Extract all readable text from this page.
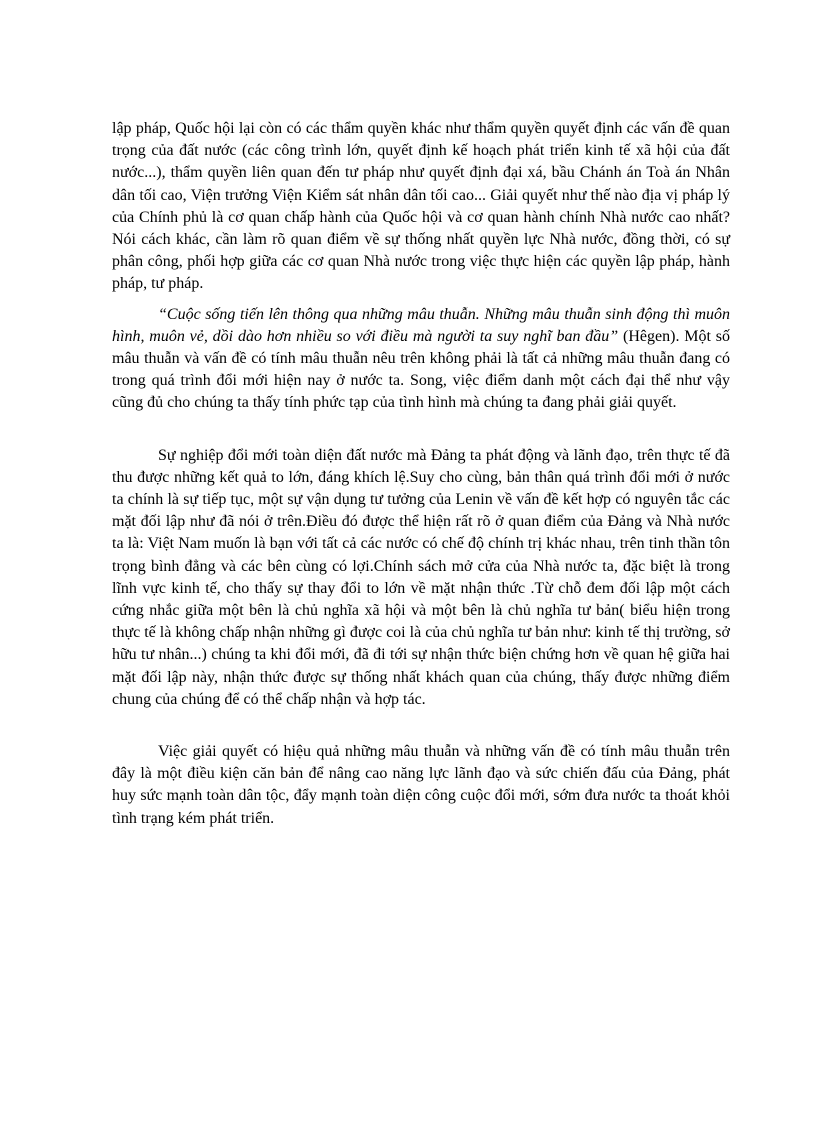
lập pháp, Quốc hội lại còn có các thẩm quyền khác như thẩm quyền quyết định các vấn đề quan trọng của đất nước (các công trình lớn, quyết định kế hoạch phát triển kinh tế xã hội của đất nước...), thẩm quyền liên quan đến tư pháp như quyết định đại xá, bầu Chánh án Toà án Nhân dân tối cao, Viện trưởng Viện Kiểm sát nhân dân tối cao... Giải quyết như thế nào địa vị pháp lý của Chính phủ là cơ quan chấp hành của Quốc hội và cơ quan hành chính Nhà nước cao nhất? Nói cách khác, cần làm rõ quan điểm về sự thống nhất quyền lực Nhà nước, đồng thời, có sự phân công, phối hợp giữa các cơ quan Nhà nước trong việc thực hiện các quyền lập pháp, hành pháp, tư pháp.

“Cuộc sống tiến lên thông qua những mâu thuẫn. Những mâu thuẫn sinh động thì muôn hình, muôn vẻ, dồi dào hơn nhiều so với điều mà người ta suy nghĩ ban đầu” (Hêgen). Một số mâu thuẫn và vấn đề có tính mâu thuẫn nêu trên không phải là tất cả những mâu thuẫn đang có trong quá trình đổi mới hiện nay ở nước ta. Song, việc điểm danh một cách đại thể như vậy cũng đủ cho chúng ta thấy tính phức tạp của tình hình mà chúng ta đang phải giải quyết.

Sự nghiệp đổi mới toàn diện đất nước mà Đảng ta phát động và lãnh đạo, trên thực tế đã thu được những kết quả to lớn, đáng khích lệ.Suy cho cùng, bản thân quá trình đổi mới ở nước ta chính là sự tiếp tục, một sự vận dụng tư tưởng của Lenin về vấn đề kết hợp có nguyên tắc các mặt đối lập như đã nói ở trên.Điều đó được thể hiện rất rõ ở quan điểm của Đảng và Nhà nước ta là: Việt Nam muốn là bạn với tất cả các nước có chế độ chính trị khác nhau, trên tinh thần tôn trọng bình đẳng và các bên cùng có lợi.Chính sách mở cửa của Nhà nước ta, đặc biệt là trong lĩnh vực kinh tế, cho thấy sự thay đổi to lớn về mặt nhận thức .Từ chỗ đem đối lập một cách cứng nhắc giữa một bên là chủ nghĩa xã hội và một bên là chủ nghĩa tư bản( biểu hiện trong thực tế là không chấp nhận những gì được coi là của chủ nghĩa tư bản như: kinh tế thị trường, sở hữu tư nhân...) chúng ta khi đổi mới, đã đi tới sự nhận thức biện chứng hơn về quan hệ giữa hai mặt đối lập này, nhận thức được sự thống nhất khách quan của chúng, thấy được những điểm chung của chúng để có thể chấp nhận và hợp tác.

Việc giải quyết có hiệu quả những mâu thuẫn và những vấn đề có tính mâu thuẫn trên đây là một điều kiện căn bản để nâng cao năng lực lãnh đạo và sức chiến đấu của Đảng, phát huy sức mạnh toàn dân tộc, đẩy mạnh toàn diện công cuộc đổi mới, sớm đưa nước ta thoát khỏi tình trạng kém phát triển.
